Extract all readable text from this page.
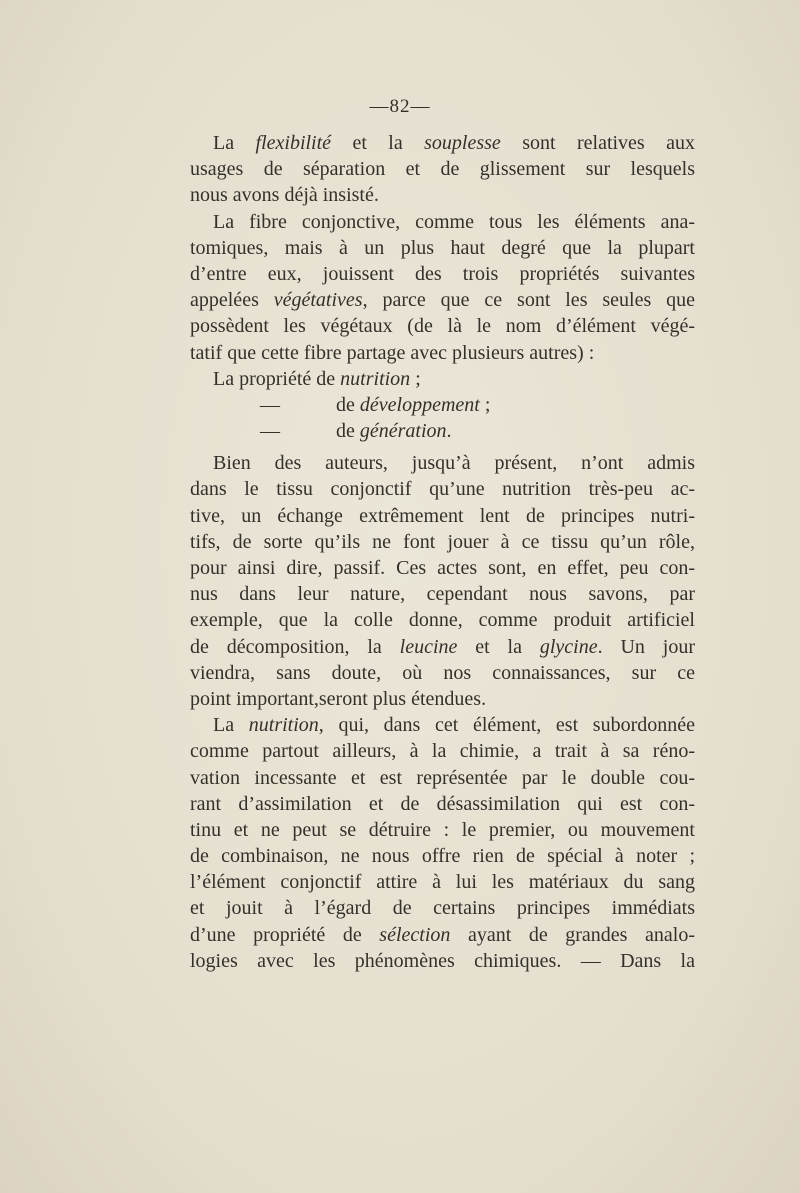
—82—
La flexibilité et la souplesse sont relatives aux
usages de séparation et de glissement sur lesquels
nous avons déjà insisté.
La fibre conjonctive, comme tous les éléments ana-
tomiques, mais à un plus haut degré que la plupart
d’entre eux, jouissent des trois propriétés suivantes
appelées végétatives, parce que ce sont les seules que
possèdent les végétaux (de là le nom d’élément végé-
tatif que cette fibre partage avec plusieurs autres) :
La propriété de nutrition ;
—	de développement ;
—	de génération.
Bien des auteurs, jusqu’à présent, n’ont admis
dans le tissu conjonctif qu’une nutrition très-peu ac-
tive, un échange extrêmement lent de principes nutri-
tifs, de sorte qu’ils ne font jouer à ce tissu qu’un rôle,
pour ainsi dire, passif. Ces actes sont, en effet, peu con-
nus dans leur nature, cependant nous savons, par
exemple, que la colle donne, comme produit artificiel
de décomposition, la leucine et la glycine. Un jour
viendra, sans doute, où nos connaissances, sur ce
point important,seront plus étendues.
La nutrition, qui, dans cet élément, est subordonnée
comme partout ailleurs, à la chimie, a trait à sa réno-
vation incessante et est représentée par le double cou-
rant d’assimilation et de désassimilation qui est con-
tinu et ne peut se détruire : le premier, ou mouvement
de combinaison, ne nous offre rien de spécial à noter ;
l’élément conjonctif attire à lui les matériaux du sang
et jouit à l’égard de certains principes immédiats
d’une propriété de sélection ayant de grandes analo-
logies avec les phénomènes chimiques. — Dans la
